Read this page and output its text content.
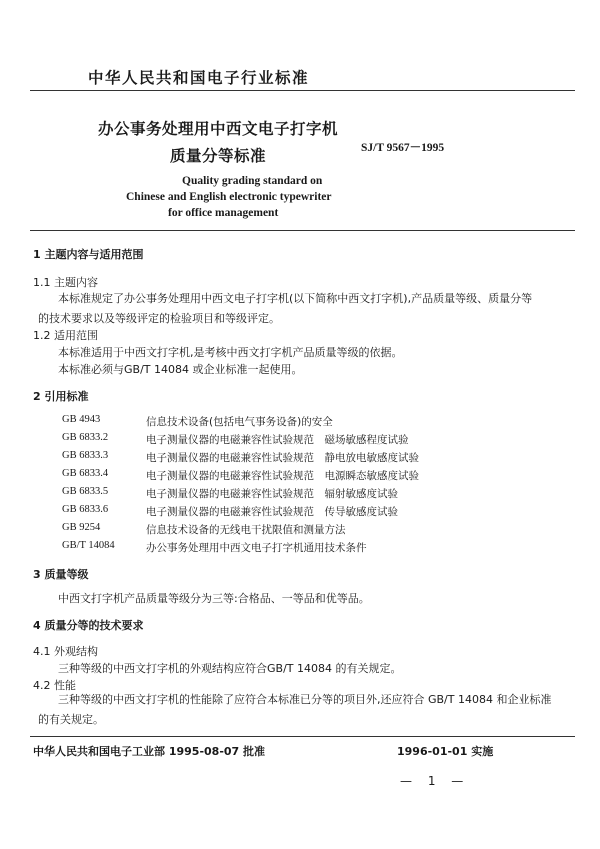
中华人民共和国电子行业标准
办公事务处理用中西文电子打字机
质量分等标准	SJ/T 9567－1995
Quality grading standard on
Chinese and English electronic typewriter
for office management
1 主题内容与适用范围
1.1 主题内容
本标准规定了办公事务处理用中西文电子打字机(以下简称中西文打字机),产品质量等级、质量分等的技术要求以及等级评定的检验项目和等级评定。
1.2 适用范围
本标准适用于中西文打字机,是考核中西文打字机产品质量等级的依据。
本标准必须与GB/T 14084 或企业标准一起使用。
2 引用标准
GB 4943	信息技术设备(包括电气事务设备)的安全
GB 6833.2	电子测量仪器的电磁兼容性试验规范　磁场敏感程度试验
GB 6833.3	电子测量仪器的电磁兼容性试验规范　静电放电敏感度试验
GB 6833.4	电子测量仪器的电磁兼容性试验规范　电源瞬态敏感度试验
GB 6833.5	电子测量仪器的电磁兼容性试验规范　辐射敏感度试验
GB 6833.6	电子测量仪器的电磁兼容性试验规范　传导敏感度试验
GB 9254	信息技术设备的无线电干扰限值和测量方法
GB/T 14084	办公事务处理用中西文电子打字机通用技术条件
3 质量等级
中西文打字机产品质量等级分为三等:合格品、一等品和优等品。
4 质量分等的技术要求
4.1 外观结构
三种等级的中西文打字机的外观结构应符合GB/T 14084 的有关规定。
4.2 性能
三种等级的中西文打字机的性能除了应符合本标准已分等的项目外,还应符合 GB/T 14084 和企业标准的有关规定。
中华人民共和国电子工业部 1995-08-07 批准	1996-01-01 实施
— 1 —
